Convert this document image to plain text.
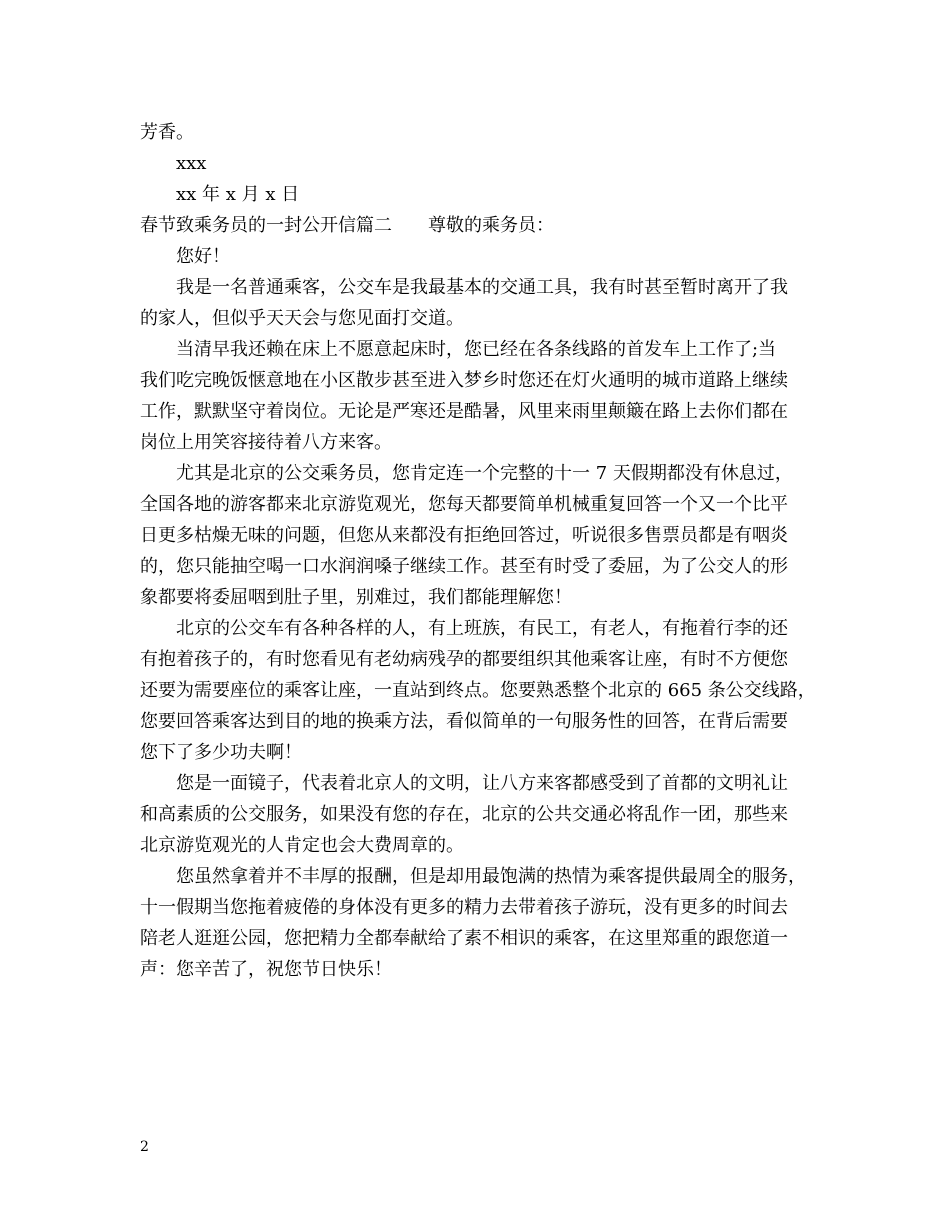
芳香。
xxx
xx 年 x 月 x 日
春节致乘务员的一封公开信篇二 尊敬的乘务员：
您好！
我是一名普通乘客，公交车是我最基本的交通工具，我有时甚至暂时离开了我
的家人，但似乎天天会与您见面打交道。
当清早我还赖在床上不愿意起床时，您已经在各条线路的首发车上工作了;当
我们吃完晚饭惬意地在小区散步甚至进入梦乡时您还在灯火通明的城市道路上继续
工作，默默坚守着岗位。无论是严寒还是酷暑，风里来雨里颠簸在路上去你们都在
岗位上用笑容接待着八方来客。
尤其是北京的公交乘务员，您肯定连一个完整的十一 7 天假期都没有休息过，
全国各地的游客都来北京游览观光，您每天都要简单机械重复回答一个又一个比平
日更多枯燥无味的问题，但您从来都没有拒绝回答过，听说很多售票员都是有咽炎
的，您只能抽空喝一口水润润嗓子继续工作。甚至有时受了委屈，为了公交人的形
象都要将委屈咽到肚子里，别难过，我们都能理解您！
北京的公交车有各种各样的人，有上班族，有民工，有老人，有拖着行李的还
有抱着孩子的，有时您看见有老幼病残孕的都要组织其他乘客让座，有时不方便您
还要为需要座位的乘客让座，一直站到终点。您要熟悉整个北京的 665 条公交线路，
您要回答乘客达到目的地的换乘方法，看似简单的一句服务性的回答，在背后需要
您下了多少功夫啊！
您是一面镜子，代表着北京人的文明，让八方来客都感受到了首都的文明礼让
和高素质的公交服务，如果没有您的存在，北京的公共交通必将乱作一团，那些来
北京游览观光的人肯定也会大费周章的。
您虽然拿着并不丰厚的报酬，但是却用最饱满的热情为乘客提供最周全的服务，
十一假期当您拖着疲倦的身体没有更多的精力去带着孩子游玩，没有更多的时间去
陪老人逛逛公园，您把精力全都奉献给了素不相识的乘客，在这里郑重的跟您道一
声：您辛苦了，祝您节日快乐！
2
